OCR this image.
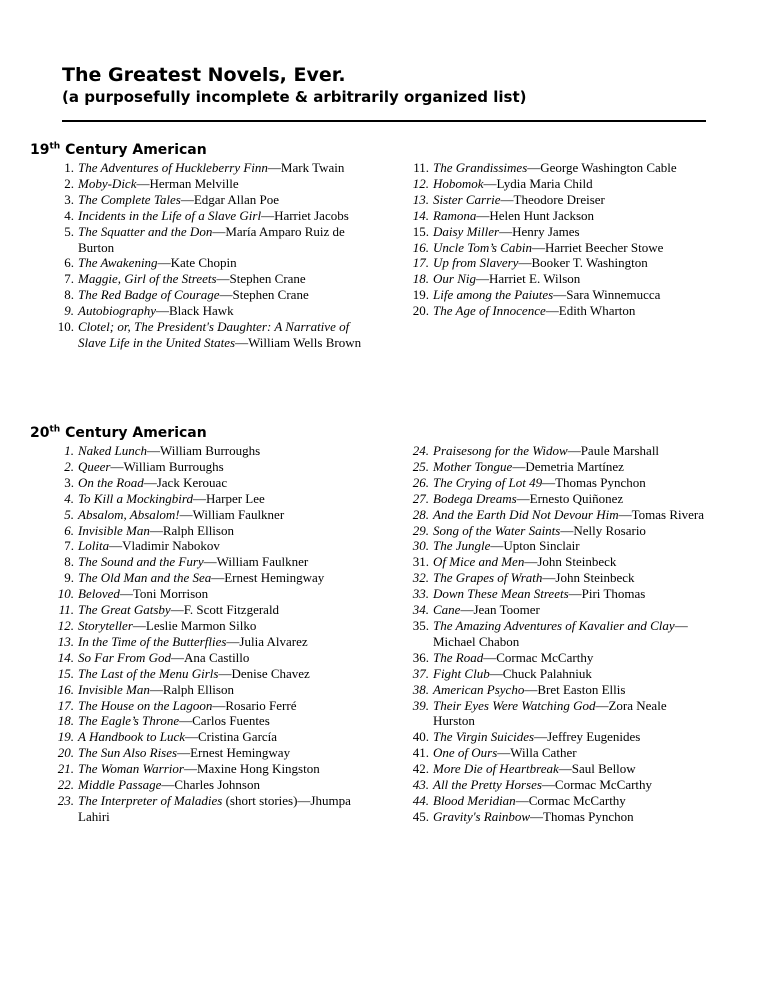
The Greatest Novels, Ever.
(a purposefully incomplete & arbitrarily organized list)
19th Century American
1. The Adventures of Huckleberry Finn—Mark Twain
2. Moby-Dick—Herman Melville
3. The Complete Tales—Edgar Allan Poe
4. Incidents in the Life of a Slave Girl—Harriet Jacobs
5. The Squatter and the Don—María Amparo Ruiz de Burton
6. The Awakening—Kate Chopin
7. Maggie, Girl of the Streets—Stephen Crane
8. The Red Badge of Courage—Stephen Crane
9. Autobiography—Black Hawk
10. Clotel; or, The President's Daughter: A Narrative of Slave Life in the United States—William Wells Brown
11. The Grandissimes—George Washington Cable
12. Hobomok—Lydia Maria Child
13. Sister Carrie—Theodore Dreiser
14. Ramona—Helen Hunt Jackson
15. Daisy Miller—Henry James
16. Uncle Tom’s Cabin—Harriet Beecher Stowe
17. Up from Slavery—Booker T. Washington
18. Our Nig—Harriet E. Wilson
19. Life among the Paiutes—Sara Winnemucca
20. The Age of Innocence—Edith Wharton
20th Century American
1. Naked Lunch—William Burroughs
2. Queer—William Burroughs
3. On the Road—Jack Kerouac
4. To Kill a Mockingbird—Harper Lee
5. Absalom, Absalom!—William Faulkner
6. Invisible Man—Ralph Ellison
7. Lolita—Vladimir Nabokov
8. The Sound and the Fury—William Faulkner
9. The Old Man and the Sea—Ernest Hemingway
10. Beloved—Toni Morrison
11. The Great Gatsby—F. Scott Fitzgerald
12. Storyteller—Leslie Marmon Silko
13. In the Time of the Butterflies—Julia Alvarez
14. So Far From God—Ana Castillo
15. The Last of the Menu Girls—Denise Chavez
16. Invisible Man—Ralph Ellison
17. The House on the Lagoon—Rosario Ferré
18. The Eagle’s Throne—Carlos Fuentes
19. A Handbook to Luck—Cristina García
20. The Sun Also Rises—Ernest Hemingway
21. The Woman Warrior—Maxine Hong Kingston
22. Middle Passage—Charles Johnson
23. The Interpreter of Maladies (short stories)—Jhumpa Lahiri
24. Praisesong for the Widow—Paule Marshall
25. Mother Tongue—Demetria Martínez
26. The Crying of Lot 49—Thomas Pynchon
27. Bodega Dreams—Ernesto Quiñonez
28. And the Earth Did Not Devour Him—Tomas Rivera
29. Song of the Water Saints—Nelly Rosario
30. The Jungle—Upton Sinclair
31. Of Mice and Men—John Steinbeck
32. The Grapes of Wrath—John Steinbeck
33. Down These Mean Streets—Piri Thomas
34. Cane—Jean Toomer
35. The Amazing Adventures of Kavalier and Clay—Michael Chabon
36. The Road—Cormac McCarthy
37. Fight Club—Chuck Palahniuk
38. American Psycho—Bret Easton Ellis
39. Their Eyes Were Watching God—Zora Neale Hurston
40. The Virgin Suicides—Jeffrey Eugenides
41. One of Ours—Willa Cather
42. More Die of Heartbreak—Saul Bellow
43. All the Pretty Horses—Cormac McCarthy
44. Blood Meridian—Cormac McCarthy
45. Gravity's Rainbow—Thomas Pynchon
